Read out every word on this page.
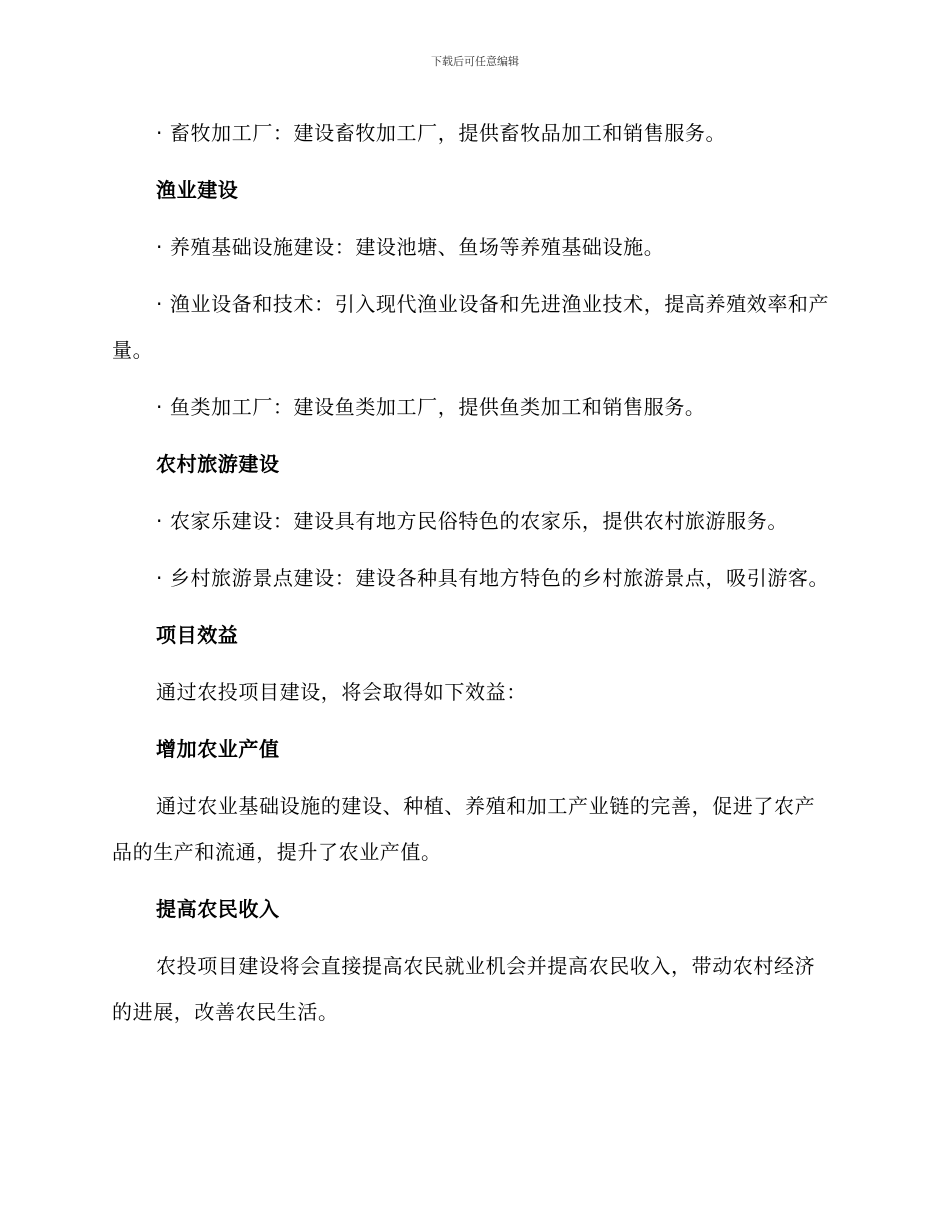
下载后可任意编辑

· 畜牧加工厂：建设畜牧加工厂，提供畜牧品加工和销售服务。

渔业建设

· 养殖基础设施建设：建设池塘、鱼场等养殖基础设施。

· 渔业设备和技术：引入现代渔业设备和先进渔业技术，提高养殖效率和产量。

· 鱼类加工厂：建设鱼类加工厂，提供鱼类加工和销售服务。

农村旅游建设

· 农家乐建设：建设具有地方民俗特色的农家乐，提供农村旅游服务。

· 乡村旅游景点建设：建设各种具有地方特色的乡村旅游景点，吸引游客。

项目效益

通过农投项目建设，将会取得如下效益：

增加农业产值

通过农业基础设施的建设、种植、养殖和加工产业链的完善，促进了农产品的生产和流通，提升了农业产值。

提高农民收入

农投项目建设将会直接提高农民就业机会并提高农民收入，带动农村经济的进展，改善农民生活。
